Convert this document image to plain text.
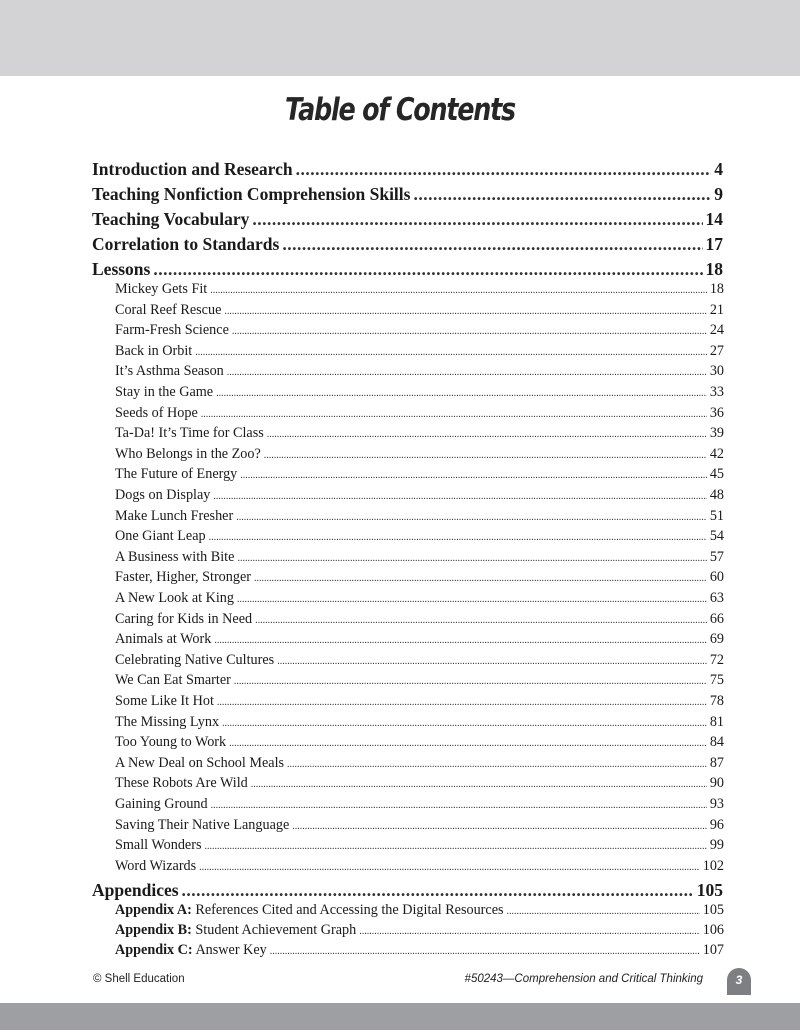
Table of Contents
Introduction and Research .....	4
Teaching Nonfiction Comprehension Skills .....	9
Teaching Vocabulary .....	14
Correlation to Standards .....	17
Lessons .....	18
Mickey Gets Fit .....	18
Coral Reef Rescue .....	21
Farm-Fresh Science .....	24
Back in Orbit .....	27
It’s Asthma Season .....	30
Stay in the Game .....	33
Seeds of Hope .....	36
Ta-Da! It’s Time for Class .....	39
Who Belongs in the Zoo? .....	42
The Future of Energy .....	45
Dogs on Display .....	48
Make Lunch Fresher .....	51
One Giant Leap .....	54
A Business with Bite .....	57
Faster, Higher, Stronger .....	60
A New Look at King .....	63
Caring for Kids in Need .....	66
Animals at Work .....	69
Celebrating Native Cultures .....	72
We Can Eat Smarter .....	75
Some Like It Hot .....	78
The Missing Lynx .....	81
Too Young to Work .....	84
A New Deal on School Meals .....	87
These Robots Are Wild .....	90
Gaining Ground .....	93
Saving Their Native Language .....	96
Small Wonders .....	99
Word Wizards .....	102
Appendices .....	105
Appendix A: References Cited and Accessing the Digital Resources .....	105
Appendix B: Student Achievement Graph .....	106
Appendix C: Answer Key .....	107
© Shell Education	#50243—Comprehension and Critical Thinking	3
